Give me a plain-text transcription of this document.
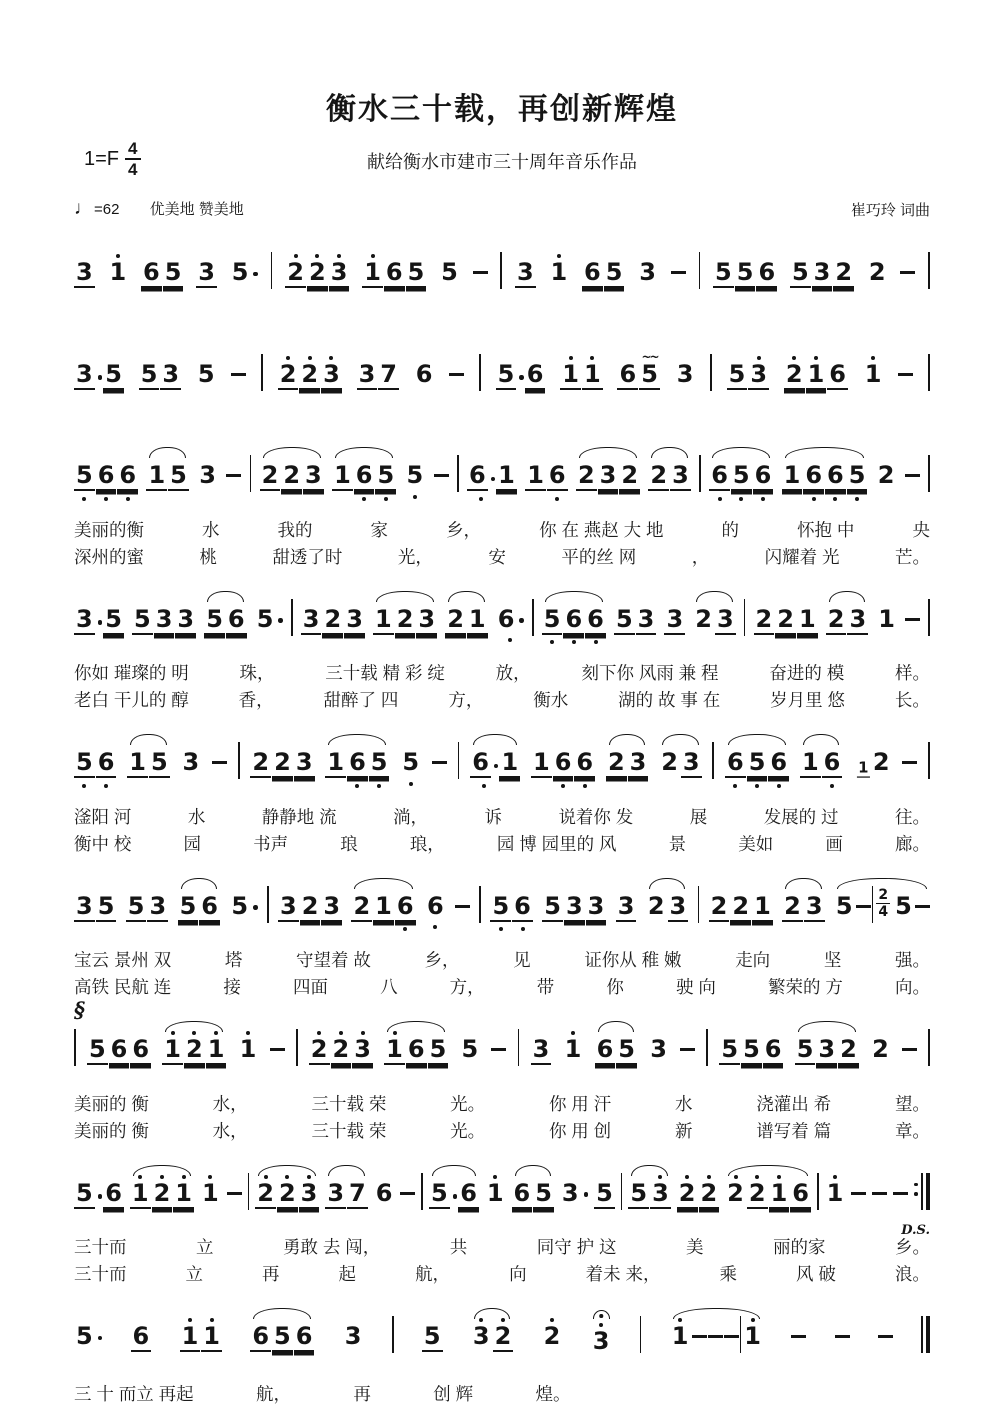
衡水三十载，再创新辉煌
$1=F \frac{4}{4}$	献给衡水市建市三十周年音乐作品
♩=62 优美地 赞美地	崔巧玲 词曲
3 1 6 5 3 5 2 2 3 1 6 5 5 3 1 6 5 3 5 5 6 5 3 2 2
3 5 5 3 5	2 2 3 3 7 6	5 6 1 1 6
~~
5 3 5 3 2 1 6 1
5 6 6 1 5 3 2 2 3 1 6 5 5 6 1 1 6 2 3 2 2 3 6 5 6 1 6 6 5 2
美丽的衡	水	我的	家	乡，	你 在 燕赵 大 地	的	怀抱 中	央
深州的蜜	桃	甜透了时	光，	安	平的丝 网	，	闪耀着 光	芒。
3 5 5 3 3 5 6 5 3 2 3 1 2 3 2 1 6 5 6 6 5 3 3 2 3 2 2 1 2 3 1
你如 璀璨的 明	珠，	三十载 精 彩 绽	放，	刻下你 风雨 兼 程	奋进的 模	样。
老白 干儿的 醇	香，	甜醉了 四	方，	衡水	湖的 故 事 在	岁月里 悠	长。
5 6 1 5 3 2 2 3 1 6 5 5 6 1 1 6 6 2 3 2 3 6 5 6 1 6 1 2
滏阳 河	水	静静地 流	淌，	诉	说着你 发	展	发展的 过	往。
衡中 校	园	书声	琅	琅，	园 博 园里的 风	景	美如	画	廊。
3 5 5 3 5 6 5 3 2 3 2 1 6 6 5 6 5 3 3 3 2 3 2 2 1 2 3 5 2
4 5
宝云 景州 双	塔	守望着 故	乡，	见	证你从 稚 嫩	走向	坚	强。
高铁 民航 连	接	四面	八	方，	带	你	驶 向	繁荣的 方	向。
§
5 6 6 1 2 1 1 2 2 3 1 6 5 5 3 1 6 5 3 5 5 6 5 3 2 2
美丽的 衡	水，	三十载 荣	光。	你 用 汗	水	浇灌出 希	望。
美丽的 衡	水，	三十载 荣	光。	你 用 创	新	谱写着 篇	章。
D.S.
5 6 1 2 1 1 2 2 3 3 7 6 5 6 1 6 5 3 5 5 3 2 2 2 2 1 6 1
三十而	立	勇敢 去 闯，	共	同守 护 这	美	丽的家	乡。
三十而	立	再	起	航，	向	着未 来，	乘	风 破	浪。
5 6 1 1 6 5 6 3	5 3 2 2 3	1 1
三 十 而立 再起	航，	再	创 辉	煌。
